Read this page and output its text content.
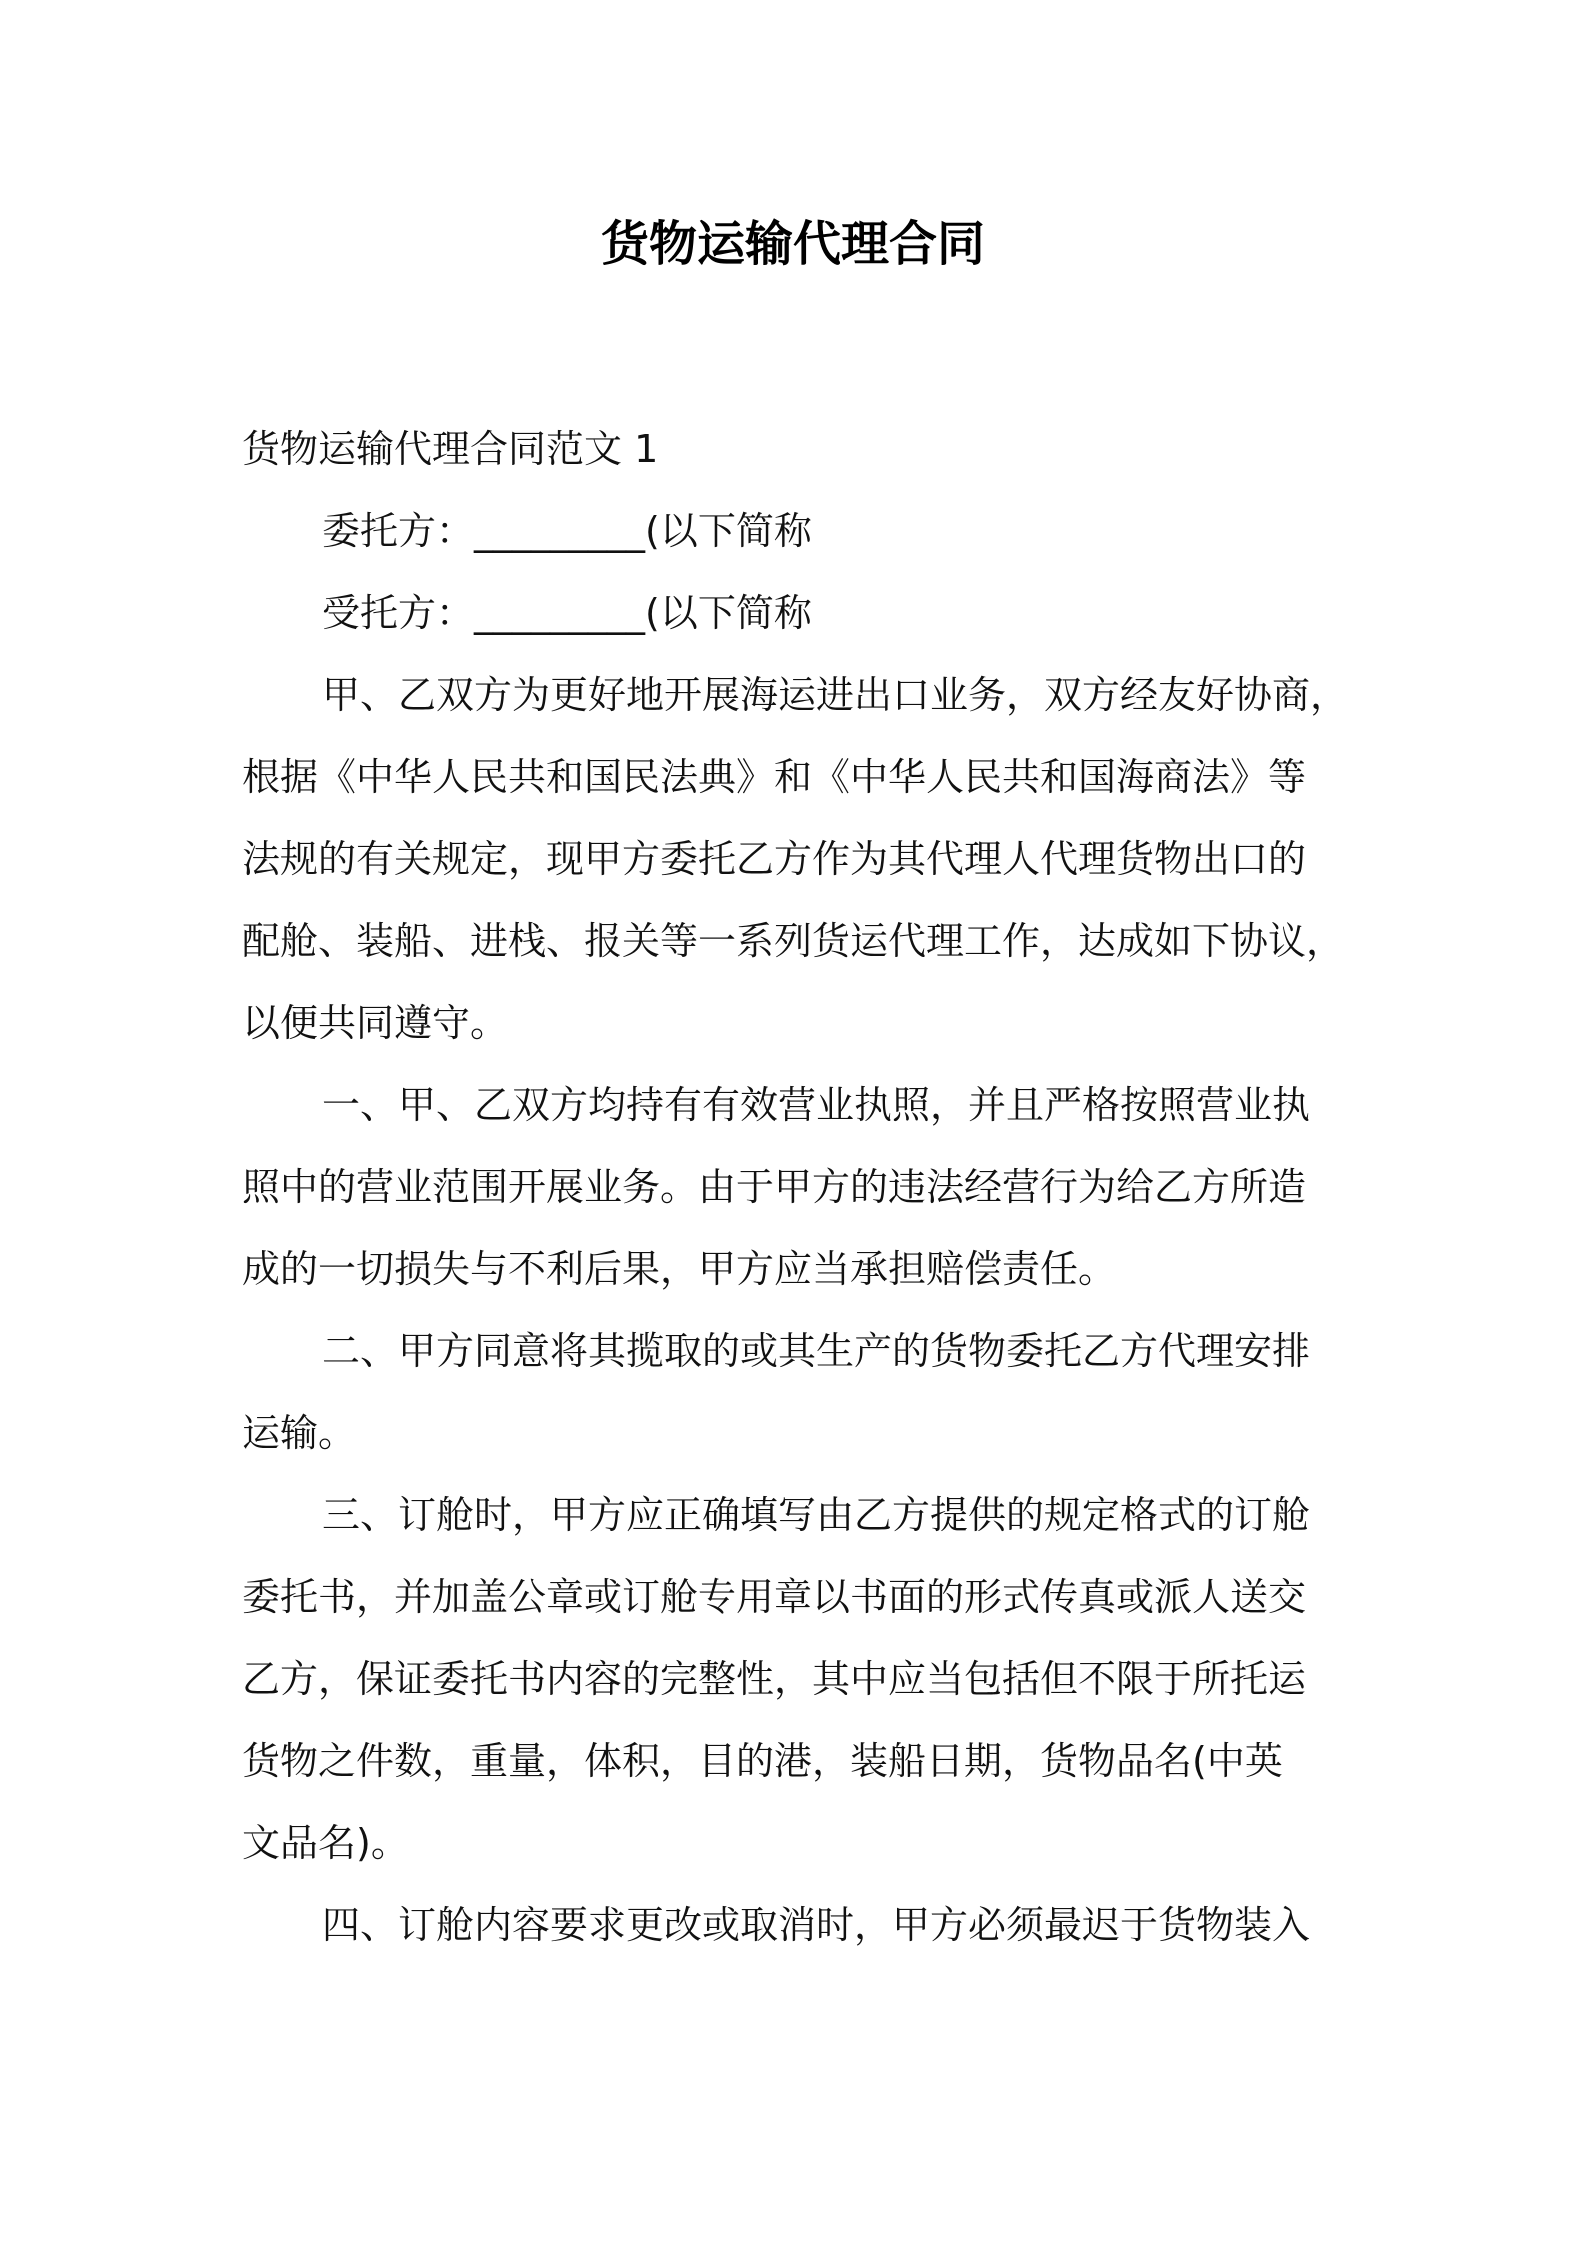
货物运输代理合同
货物运输代理合同范文 1
委托方：_________(以下简称
受托方：_________(以下简称
甲、乙双方为更好地开展海运进出口业务，双方经友好协商，
根据《中华人民共和国民法典》和《中华人民共和国海商法》等
法规的有关规定，现甲方委托乙方作为其代理人代理货物出口的
配舱、装船、进栈、报关等一系列货运代理工作，达成如下协议，
以便共同遵守。
一、甲、乙双方均持有有效营业执照，并且严格按照营业执
照中的营业范围开展业务。由于甲方的违法经营行为给乙方所造
成的一切损失与不利后果，甲方应当承担赔偿责任。
二、甲方同意将其揽取的或其生产的货物委托乙方代理安排
运输。
三、订舱时，甲方应正确填写由乙方提供的规定格式的订舱
委托书，并加盖公章或订舱专用章以书面的形式传真或派人送交
乙方，保证委托书内容的完整性，其中应当包括但不限于所托运
货物之件数，重量，体积，目的港，装船日期，货物品名(中英
文品名)。
四、订舱内容要求更改或取消时，甲方必须最迟于货物装入
